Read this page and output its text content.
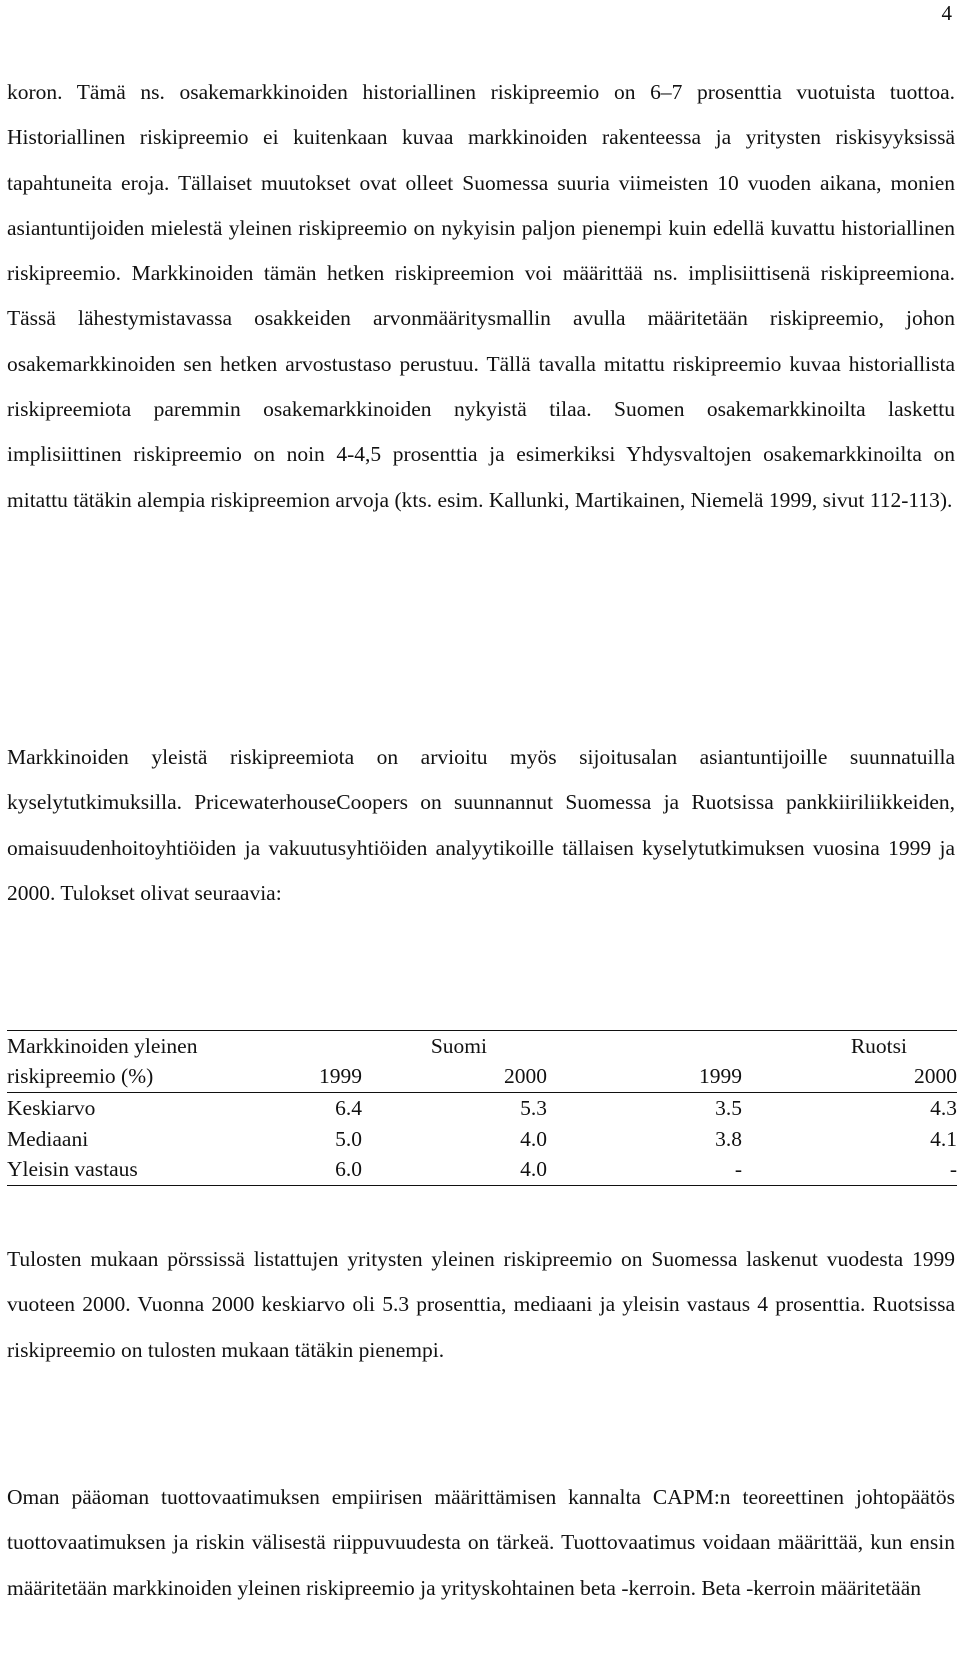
4

koron. Tämä ns. osakemarkkinoiden historiallinen riskipreemio on 6–7 prosenttia vuotuista tuottoa. Historiallinen riskipreemio ei kuitenkaan kuvaa markkinoiden rakenteessa ja yritysten riskisyyksissä tapahtuneita eroja. Tällaiset muutokset ovat olleet Suomessa suuria viimeisten 10 vuoden aikana, monien asiantuntijoiden mielestä yleinen riskipreemio on nykyisin paljon pienempi kuin edellä kuvattu historiallinen riskipreemio. Markkinoiden tämän hetken riskipreemion voi määrittää ns. implisiittisenä riskipreemiona. Tässä lähestymistavassa osakkeiden arvonmääritysmallin avulla määritetään riskipreemio, johon osakemarkkinoiden sen hetken arvostustaso perustuu. Tällä tavalla mitattu riskipreemio kuvaa historiallista riskipreemiota paremmin osakemarkkinoiden nykyistä tilaa. Suomen osakemarkkinoilta laskettu implisiittinen riskipreemio on noin 4-4,5 prosenttia ja esimerkiksi Yhdysvaltojen osakemarkkinoilta on mitattu tätäkin alempia riskipreemion arvoja (kts. esim. Kallunki, Martikainen, Niemelä 1999, sivut 112-113).

Markkinoiden yleistä riskipreemiota on arvioitu myös sijoitusalan asiantuntijoille suunnatuilla kyselytutkimuksilla. PricewaterhouseCoopers on suunnannut Suomessa ja Ruotsissa pankkiiriliikkeiden, omaisuudenhoitoyhtiöiden ja vakuutusyhtiöiden analyytikoille tällaisen kyselytutkimuksen vuosina 1999 ja 2000. Tulokset olivat seuraavia:

Markkinoiden yleinen		Suomi		Ruotsi
riskipreemio (%)	1999	2000	1999	2000
Keskiarvo	6.4	5.3	3.5	4.3
Mediaani	5.0	4.0	3.8	4.1
Yleisin vastaus	6.0	4.0	-	-

Tulosten mukaan pörssissä listattujen yritysten yleinen riskipreemio on Suomessa laskenut vuodesta 1999 vuoteen 2000. Vuonna 2000 keskiarvo oli 5.3 prosenttia, mediaani ja yleisin vastaus 4 prosenttia. Ruotsissa riskipreemio on tulosten mukaan tätäkin pienempi.

Oman pääoman tuottovaatimuksen empiirisen määrittämisen kannalta CAPM:n teoreettinen johtopäätös tuottovaatimuksen ja riskin välisestä riippuvuudesta on tärkeä. Tuottovaatimus voidaan määrittää, kun ensin määritetään markkinoiden yleinen riskipreemio ja yrityskohtainen beta -kerroin. Beta -kerroin määritetään
